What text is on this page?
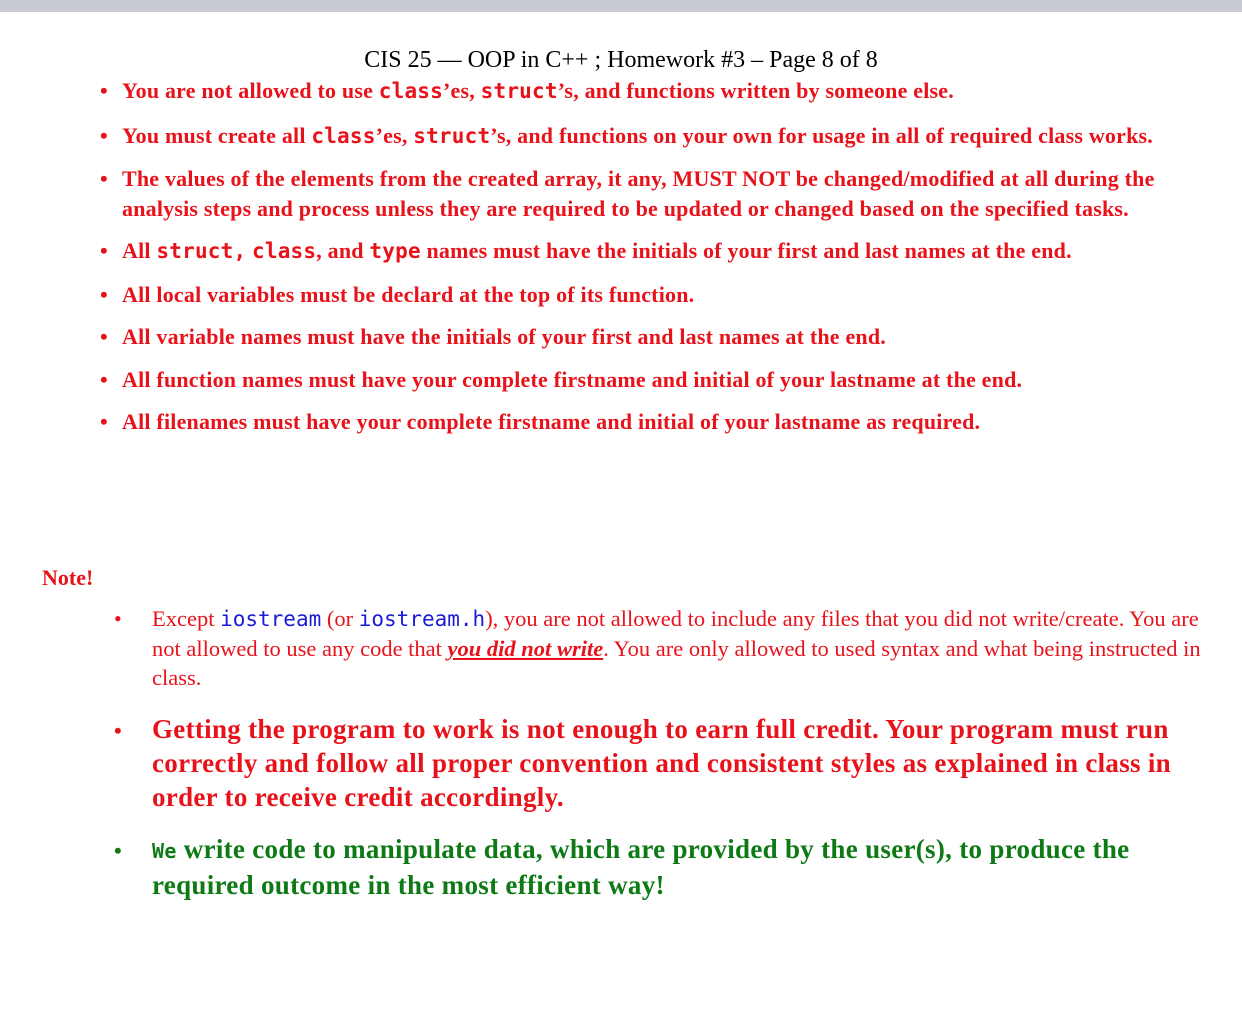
CIS 25 — OOP in C++ ; Homework #3 – Page 8 of 8
• You are not allowed to use class’es, struct’s, and functions written by someone else.
• You must create all class’es, struct’s, and functions on your own for usage in all of required class works.
• The values of the elements from the created array, it any, MUST NOT be changed/modified at all during the analysis steps and process unless they are required to be updated or changed based on the specified tasks.
• All struct, class, and type names must have the initials of your first and last names at the end.
• All local variables must be declard at the top of its function.
• All variable names must have the initials of your first and last names at the end.
• All function names must have your complete firstname and initial of your lastname at the end.
• All filenames must have your complete firstname and initial of your lastname as required.
Note!
• Except iostream (or iostream.h), you are not allowed to include any files that you did not write/create. You are not allowed to use any code that you did not write. You are only allowed to used syntax and what being instructed in class.
• Getting the program to work is not enough to earn full credit. Your program must run correctly and follow all proper convention and consistent styles as explained in class in order to receive credit accordingly.
• We write code to manipulate data, which are provided by the user(s), to produce the required outcome in the most efficient way!
